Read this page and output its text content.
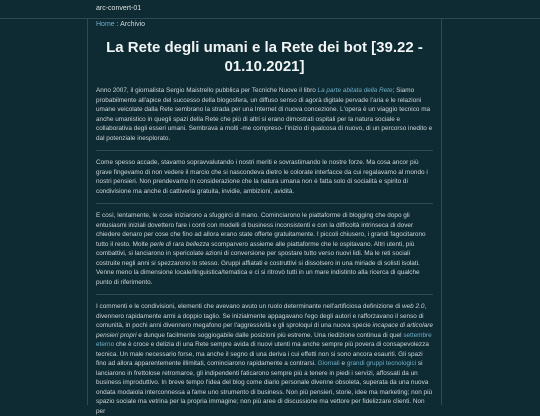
arc-convert-01
Home : Archivio
La Rete degli umani e la Rete dei bot [39.22 - 01.10.2021]

Anno 2007, il giornalista Sergio Maistrello pubblica per Tecniche Nuove il libro La parte abitata della Rete; Siamo probabilmente all'apice del successo della blogosfera, un diffuso senso di agorà digitale pervade l'aria e le relazioni umane veicolate dalla Rete sembrano la strada per una Internet di nuova concezione. L'opera è un viaggio tecnico ma anche umanistico in quegli spazi della Rete che più di altri si erano dimostrati ospitali per la natura sociale e collaborativa degli esseri umani. Sembrava a molti -me compreso- l'inizio di qualcosa di nuovo, di un percorso inedito e dal potenziale inesplorato.

Come spesso accade, stavamo sopravvalutando i nostri meriti e sovrastimando le nostre forze. Ma cosa ancor più grave fingevamo di non vedere il marcio che si nascondeva dietro le colorate interfacce da cui regalavamo al mondo i nostri pensieri. Non prendevamo in considerazione che la natura umana non è fatta solo di socialità e spirito di condivisione ma anche di cattiveria gratuita, invidie, ambizioni, avidità.

E così, lentamente, le cose iniziarono a sfuggirci di mano. Cominciarono le piattaforme di blogging che dopo gli entusiasmi iniziali dovettero fare i conti con modelli di business inconsistenti e con la difficoltà intrinseca di dover chiedere denaro per cose che fino ad allora erano state offerte gratuitamente. I piccoli chiusero, i grandi fagocitarono tutto il resto. Molte perle di rara bellezza scomparvero assieme alle piattaforme che le ospitavano. Altri utenti, più combattivi, si lanciarono in spericolate azioni di conversione per spostare tutto verso nuovi lidi. Ma le reti sociali costruite negli anni si spezzarono lo stesso. Gruppi affiatati e costruttivi si dissolsero in una miriade di solisti isolati. Venne meno la dimensione locale/linguistica/tematica e ci si ritrovò tutti in un mare indistinto alla ricerca di qualche punto di riferimento.

I commenti e le condivisioni, elementi che avevano avuto un ruolo determinante nell'artificiosa definizione di web 2.0, divennero rapidamente armi a doppio taglio. Se inizialmente appagavano l'ego degli autori e rafforzavano il senso di comunità, in pochi anni divennero megafono per l'aggressività e gli sproloqui di una nuova specie incapace di articolare pensieri propri e dunque facilmente soggiogabile dalle posizioni più estreme. Una riedizione continua di quel settembre eterno che è croce e delizia di una Rete sempre avida di nuovi utenti ma anche sempre più povera di consapevolezza tecnica. Un male necessario forse, ma anche il segno di una deriva i cui effetti non si sono ancora esauriti. Gli spazi fino ad allora apparentemente illimitati, cominciarono rapidamente a contrarsi. Giornali e grandi gruppi tecnologici si lanciarono in frettolose retromarce, gli indipendenti faticarono sempre più a tenere in piedi i servizi, affossati da un business improduttivo. In breve tempo l'idea del blog come diario personale divenne obsoleta, superata da una nuova ondata modaiola interconnessa a fame uno strumento di business. Non più pensieri, storie, idee ma marketing; non più spazio sociale ma vetrina per la propria immagine; non più aree di discussione ma vettore per fidelizzare clienti. Non per
